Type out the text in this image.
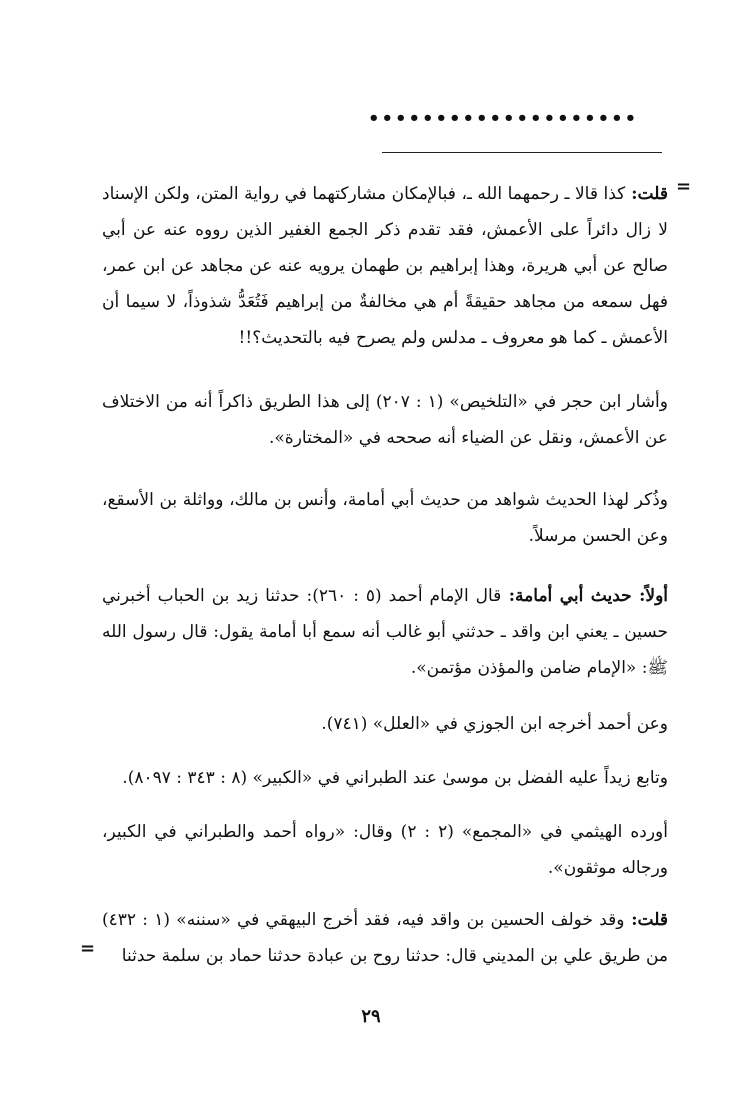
••••••••••••••••••••
=

قلت: كذا قالا ـ رحمهما الله ـ، فبالإمكان مشاركتهما في رواية المتن، ولكن الإسناد لا زال دائراً على الأعمش، فقد تقدم ذكر الجمع الغفير الذين رووه عنه عن أبي صالح عن أبي هريرة، وهذا إبراهيم بن طهمان يرويه عنه عن مجاهد عن ابن عمر، فهل سمعه من مجاهد حقيقةً أم هي مخالفةٌ من إبراهيم فَتُعَدُّ شذوذاً، لا سيما أن الأعمش ـ كما هو معروف ـ مدلس ولم يصرح فيه بالتحديث؟!!

وأشار ابن حجر في «التلخيص» (١ : ٢٠٧) إلى هذا الطريق ذاكراً أنه من الاختلاف عن الأعمش، ونقل عن الضياء أنه صححه في «المختارة».

وذُكر لهذا الحديث شواهد من حديث أبي أمامة، وأنس بن مالك، وواثلة بن الأسقع، وعن الحسن مرسلاً.

أولاً: حديث أبي أمامة: قال الإمام أحمد (٥ : ٢٦٠): حدثنا زيد بن الحباب أخبرني حسين ـ يعني ابن واقد ـ حدثني أبو غالب أنه سمع أبا أمامة يقول: قال رسول الله ﷺ: «الإمام ضامن والمؤذن مؤتمن».

وعن أحمد أخرجه ابن الجوزي في «العلل» (٧٤١).

وتابع زيداً عليه الفضل بن موسىٰ عند الطبراني في «الكبير» (٨ : ٣٤٣ : ٨٠٩٧).

أورده الهيثمي في «المجمع» (٢ : ٢) وقال: «رواه أحمد والطبراني في الكبير، ورجاله موثقون».

قلت: وقد خولف الحسين بن واقد فيه، فقد أخرج البيهقي في «سننه» (١ : ٤٣٢) من طريق علي بن المديني قال: حدثنا روح بن عبادة حدثنا حماد بن سلمة حدثنا

=
٢٩
